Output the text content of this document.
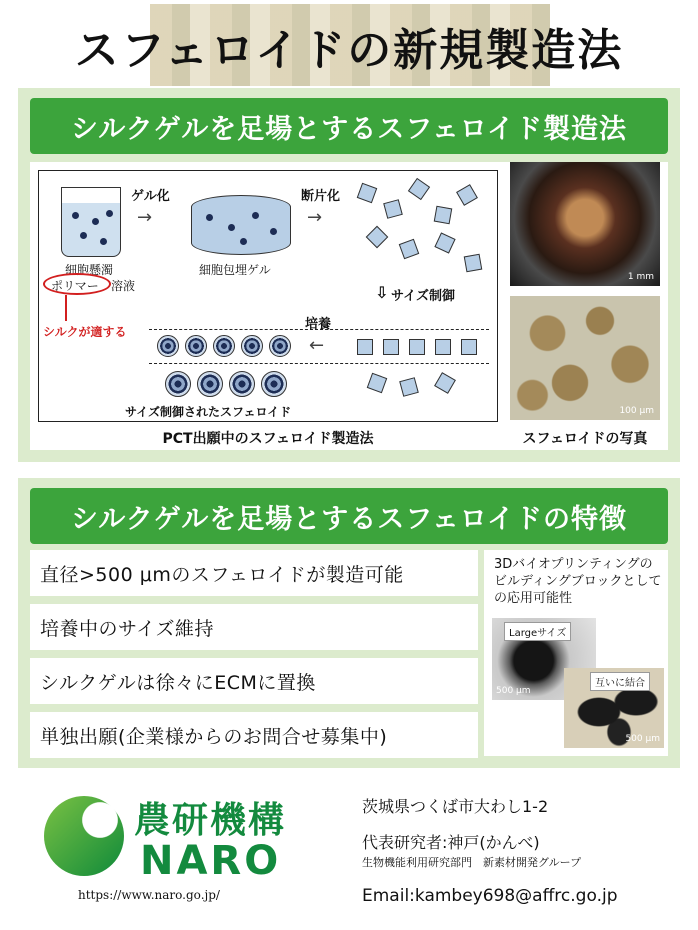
スフェロイドの新規製造法
シルクゲルを足場とするスフェロイド製造法
細胞懸濁
ポリマー 溶液
シルクが適する
ゲル化
→
細胞包埋ゲル
断片化
→
⇩ サイズ制御
培養
←
サイズ制御されたスフェロイド
PCT出願中のスフェロイド製造法
1 mm
100 μm
スフェロイドの写真
シルクゲルを足場とするスフェロイドの特徴
直径>500 μmのスフェロイドが製造可能
培養中のサイズ維持
シルクゲルは徐々にECMに置換
単独出願(企業様からのお問合せ募集中)
3Dバイオプリンティングのビルディングブロックとしての応用可能性
Largeサイズ
500 μm
互いに結合
500 μm
農研機構
NARO
https://www.naro.go.jp/
茨城県つくば市大わし1-2
代表研究者:神戸(かんべ)
生物機能利用研究部門　新素材開発グループ
Email:kambey698@affrc.go.jp
